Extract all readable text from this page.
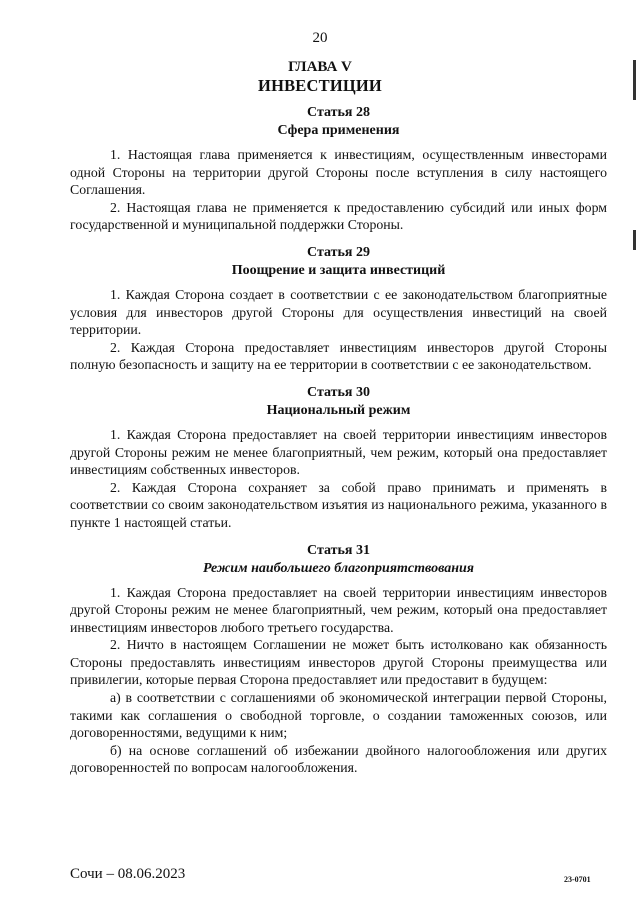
20
ГЛАВА V
ИНВЕСТИЦИИ
Статья 28
Сфера применения

1. Настоящая глава применяется к инвестициям, осуществленным инвесторами одной Стороны на территории другой Стороны после вступления в силу настоящего Соглашения.

2. Настоящая глава не применяется к предоставлению субсидий или иных форм государственной и муниципальной поддержки Стороны.

Статья 29
Поощрение и защита инвестиций

1. Каждая Сторона создает в соответствии с ее законодательством благоприятные условия для инвесторов другой Стороны для осуществления инвестиций на своей территории.

2. Каждая Сторона предоставляет инвестициям инвесторов другой Стороны полную безопасность и защиту на ее территории в соответствии с ее законодательством.

Статья 30
Национальный режим

1. Каждая Сторона предоставляет на своей территории инвестициям инвесторов другой Стороны режим не менее благоприятный, чем режим, который она предоставляет инвестициям собственных инвесторов.

2. Каждая Сторона сохраняет за собой право принимать и применять в соответствии со своим законодательством изъятия из национального режима, указанного в пункте 1 настоящей статьи.

Статья 31
Режим наибольшего благоприятствования

1. Каждая Сторона предоставляет на своей территории инвестициям инвесторов другой Стороны режим не менее благоприятный, чем режим, который она предоставляет инвестициям инвесторов любого третьего государства.

2. Ничто в настоящем Соглашении не может быть истолковано как обязанность Стороны предоставлять инвестициям инвесторов другой Стороны преимущества или привилегии, которые первая Сторона предоставляет или предоставит в будущем:

а) в соответствии с соглашениями об экономической интеграции первой Стороны, такими как соглашения о свободной торговле, о создании таможенных союзов, или договоренностями, ведущими к ним;

б) на основе соглашений об избежании двойного налогообложения или других договоренностей по вопросам налогообложения.

Сочи – 08.06.2023	23-0701
